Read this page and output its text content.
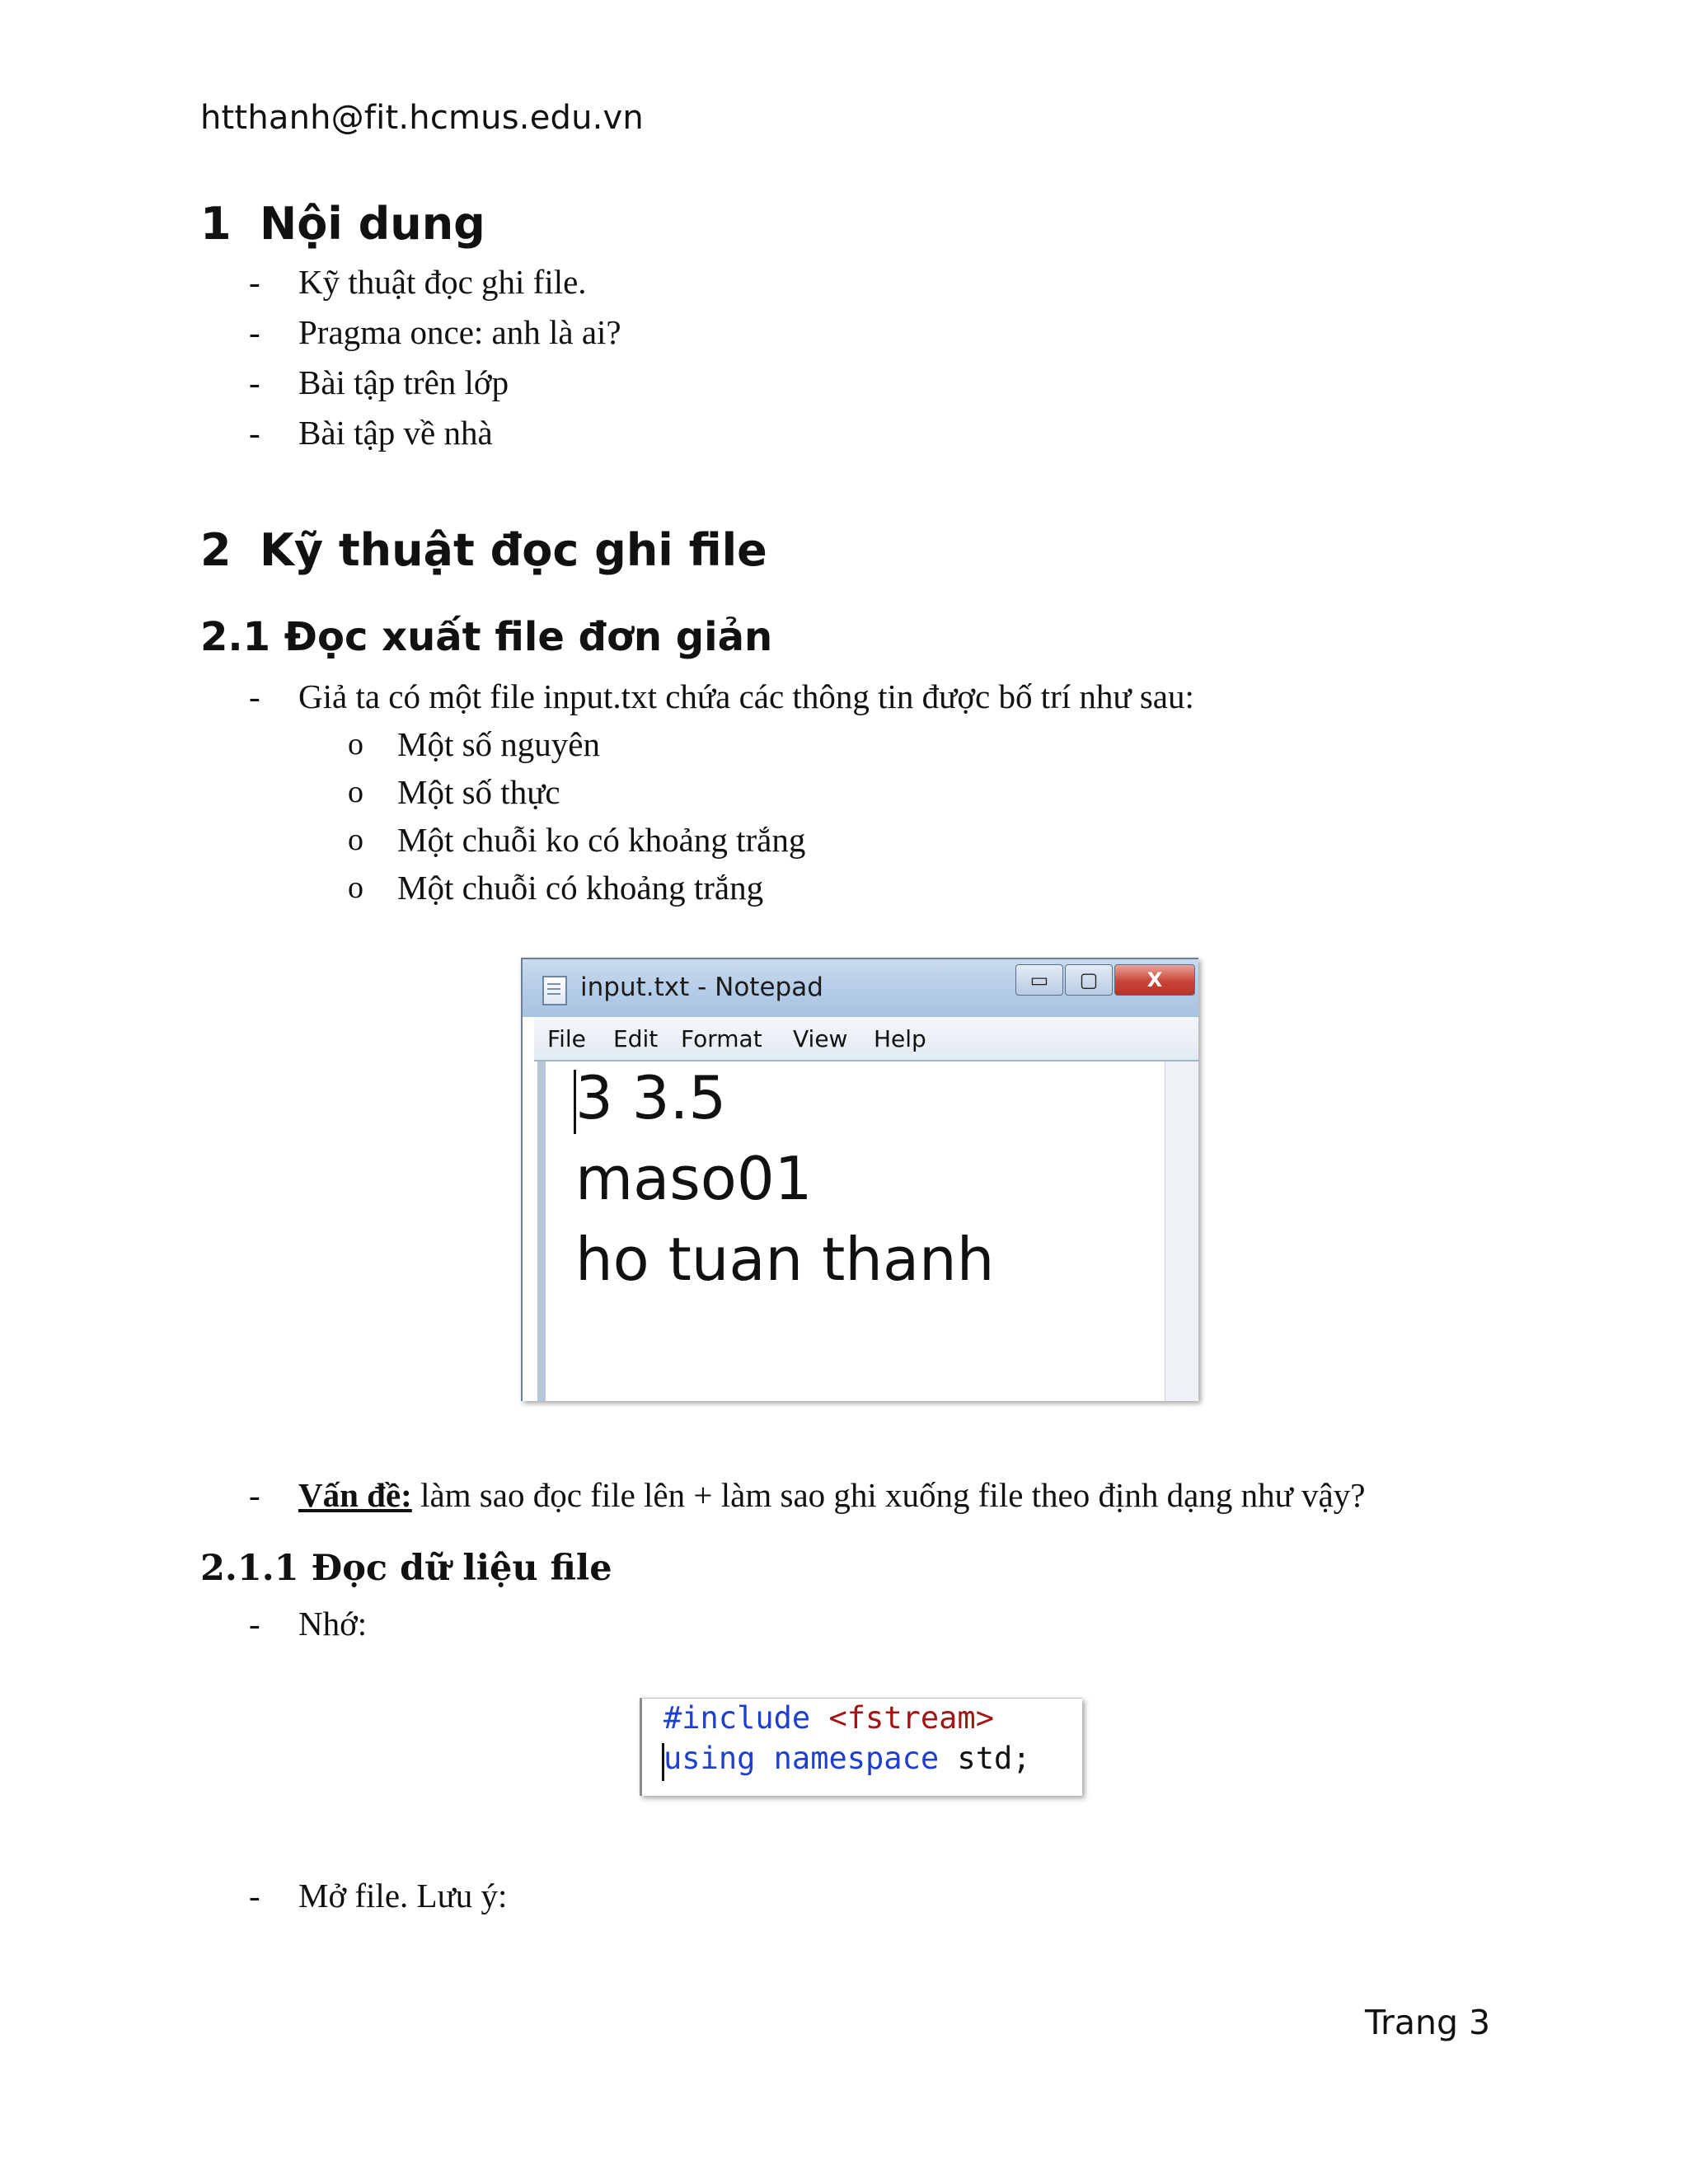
htthanh@fit.hcmus.edu.vn
1 Nội dung
-	Kỹ thuật đọc ghi file.
-	Pragma once: anh là ai?
-	Bài tập trên lớp
-	Bài tập về nhà
2 Kỹ thuật đọc ghi file
2.1 Đọc xuất file đơn giản
-	Giả ta có một file input.txt chứa các thông tin được bố trí như sau:
o Một số nguyên
o Một số thực
o Một chuỗi ko có khoảng trắng
o Một chuỗi có khoảng trắng
input.txt - Notepad	▭	▢	X
File Edit Format View Help
3 3.5
maso01
ho tuan thanh
-	Vấn đề: làm sao đọc file lên + làm sao ghi xuống file theo định dạng như vậy?
2.1.1 Đọc dữ liệu file
-	Nhớ:
#include <fstream>
using namespace std;
-	Mở file. Lưu ý:
Trang 3
